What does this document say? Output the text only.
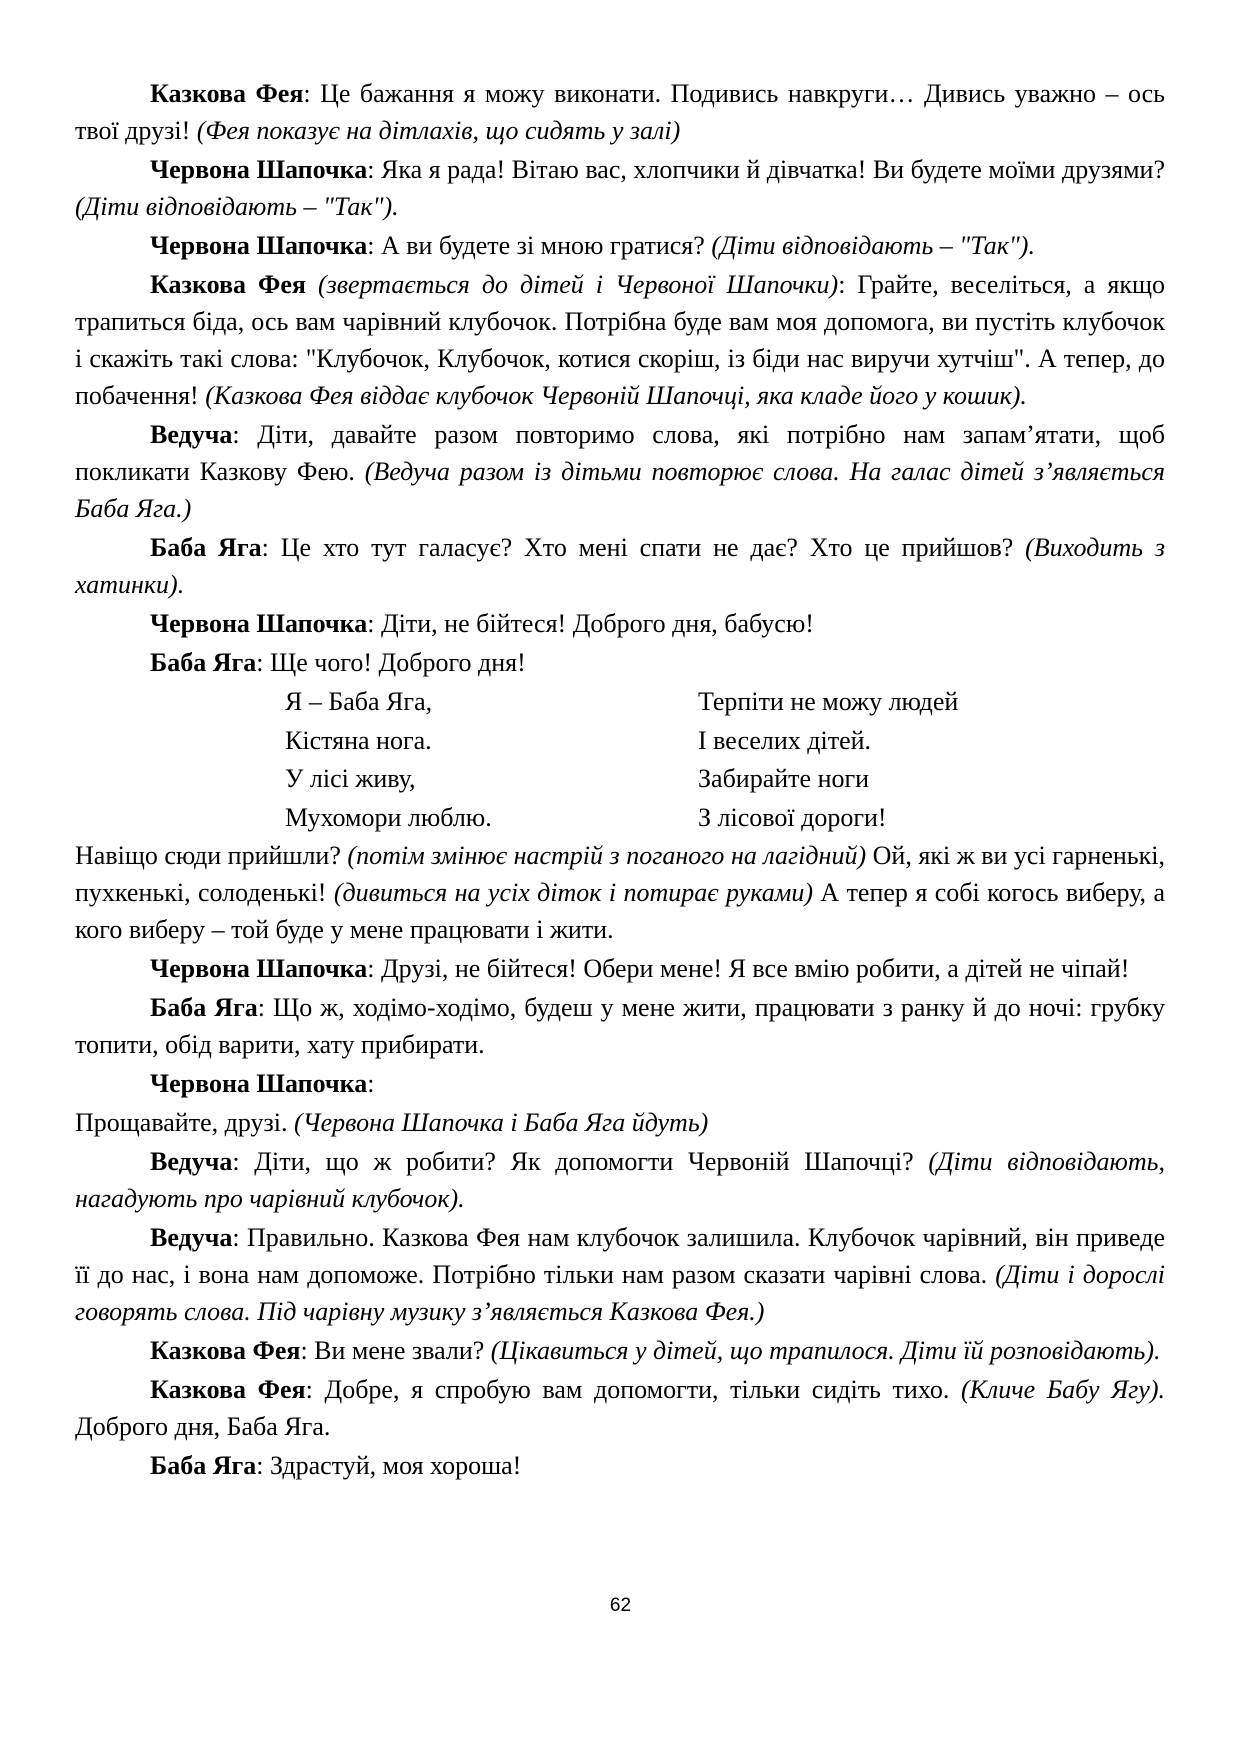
Казкова Фея: Це бажання я можу виконати. Подивись навкруги… Дивись уважно – ось твої друзі! (Фея показує на дітлахів, що сидять у залі)

Червона Шапочка: Яка я рада! Вітаю вас, хлопчики й дівчатка! Ви будете моїми друзями? (Діти відповідають – "Так").

Червона Шапочка: А ви будете зі мною гратися? (Діти відповідають – "Так").

Казкова Фея (звертається до дітей і Червоної Шапочки): Грайте, веселіться, а якщо трапиться біда, ось вам чарівний клубочок. Потрібна буде вам моя допомога, ви пустіть клубочок і скажіть такі слова: "Клубочок, Клубочок, котися скоріш, із біди нас виручи хутчіш". А тепер, до побачення! (Казкова Фея віддає клубочок Червоній Шапочці, яка кладе його у кошик).

Ведуча: Діти, давайте разом повторимо слова, які потрібно нам запам’ятати, щоб покликати Казкову Фею. (Ведуча разом із дітьми повторює слова. На галас дітей з’являється Баба Яга.)

Баба Яга: Це хто тут галасує? Хто мені спати не дає? Хто це прийшов? (Виходить з хатинки).

Червона Шапочка: Діти, не бійтеся! Доброго дня, бабусю!

Баба Яга: Ще чого! Доброго дня!

Я – Баба Яга,	Терпіти не можу людей
Кістяна нога.	І веселих дітей.
У лісі живу,	Забирайте ноги
Мухомори люблю.	З лісової дороги!

Навіщо сюди прийшли? (потім змінює настрій з поганого на лагідний) Ой, які ж ви усі гарненькі, пухкенькі, солоденькі! (дивиться на усіх діток і потирає руками) А тепер я собі когось виберу, а кого виберу – той буде у мене працювати і жити.

Червона Шапочка: Друзі, не бійтеся! Обери мене! Я все вмію робити, а дітей не чіпай!

Баба Яга: Що ж, ходімо-ходімо, будеш у мене жити, працювати з ранку й до ночі: грубку топити, обід варити, хату прибирати.

Червона Шапочка:

Прощавайте, друзі. (Червона Шапочка і Баба Яга йдуть)

Ведуча: Діти, що ж робити? Як допомогти Червоній Шапочці? (Діти відповідають, нагадують про чарівний клубочок).

Ведуча: Правильно. Казкова Фея нам клубочок залишила. Клубочок чарівний, він приведе її до нас, і вона нам допоможе. Потрібно тільки нам разом сказати чарівні слова. (Діти і дорослі говорять слова. Під чарівну музику з’являється Казкова Фея.)

Казкова Фея: Ви мене звали? (Цікавиться у дітей, що трапилося. Діти їй розповідають).

Казкова Фея: Добре, я спробую вам допомогти, тільки сидіть тихо. (Кличе Бабу Ягу). Доброго дня, Баба Яга.

Баба Яга: Здрастуй, моя хороша!

62
